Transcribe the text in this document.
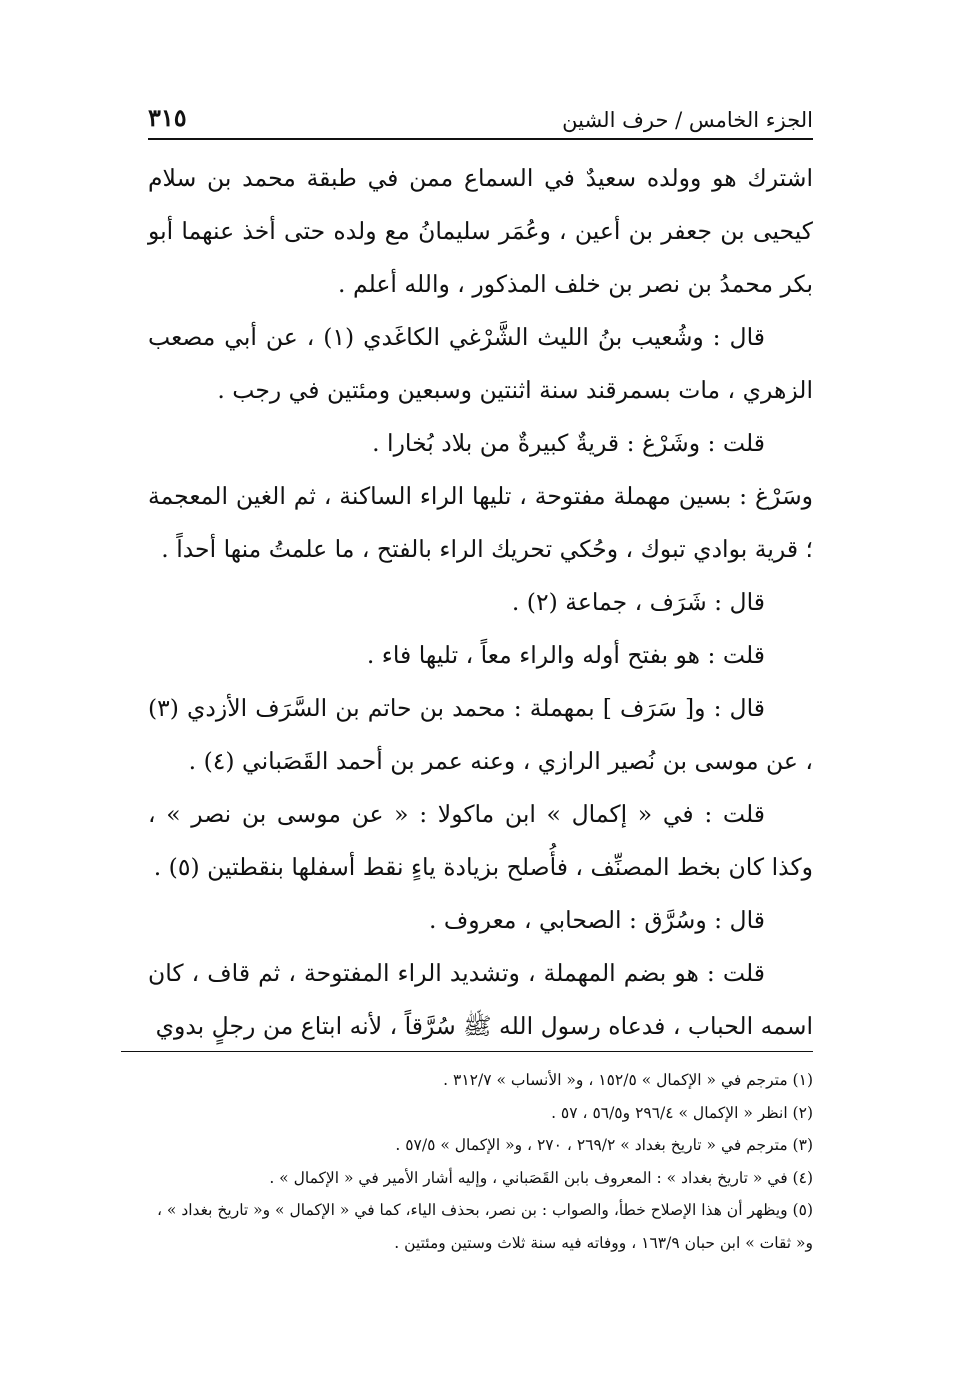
الجزء الخامس / حرف الشين
٣١٥

اشترك هو وولده سعيدٌ في السماع ممن في طبقة محمد بن سلام كيحيى بن جعفر بن أعين ، وعُمَر سليمانُ مع ولده حتى أخذ عنهما أبو بكر محمدُ بن نصر بن خلف المذكور ، والله أعلم .

قال : وشُعيب بنُ الليث الشَّرْغي الكاغَدي (١) ، عن أبي مصعب الزهري ، مات بسمرقند سنة اثنتين وسبعين ومئتين في رجب .

قلت : وشَرْغ : قريةٌ كبيرةٌ من بلاد بُخارا .

وسَرْغ : بسين مهملة مفتوحة ، تليها الراء الساكنة ، ثم الغين المعجمة ؛ قرية بوادي تبوك ، وحُكي تحريك الراء بالفتح ، ما علمتُ منها أحداً .

قال : شَرَف ، جماعة (٢) .

قلت : هو بفتح أوله والراء معاً ، تليها فاء .

قال : و[ سَرَف ] بمهملة : محمد بن حاتم بن السَّرَف الأزدي (٣) ، عن موسى بن نُصير الرازي ، وعنه عمر بن أحمد القَصَباني (٤) .

قلت : في « إكمال » ابن ماكولا : « عن موسى بن نصر » ، وكذا كان بخط المصنِّف ، فأُصلح بزيادة ياءٍ نقط أسفلها بنقطتين (٥) .

قال : وسُرَّق : الصحابي ، معروف .

قلت : هو بضم المهملة ، وتشديد الراء المفتوحة ، ثم قاف ، كان اسمه الحباب ، فدعاه رسول الله ﷺ سُرَّقاً ، لأنه ابتاع من رجلٍ بدوي

(١) مترجم في « الإكمال » ١٥٢/٥ ، و« الأنساب » ٣١٢/٧ .

(٢) انظر « الإكمال » ٢٩٦/٤ و٥٦/٥ ، ٥٧ .

(٣) مترجم في « تاريخ بغداد » ٢٦٩/٢ ، ٢٧٠ ، و« الإكمال » ٥٧/٥ .

(٤) في « تاريخ بغداد » : المعروف بابن القَصَباني ، وإليه أشار الأمير في « الإكمال » .

(٥) ويظهر أن هذا الإصلاح خطأ، والصواب : بن نصر، بحذف الياء، كما في « الإكمال » و« تاريخ بغداد » ، و« ثقات » ابن حبان ١٦٣/٩ ، ووفاته فيه سنة ثلاث وستين ومئتين .
